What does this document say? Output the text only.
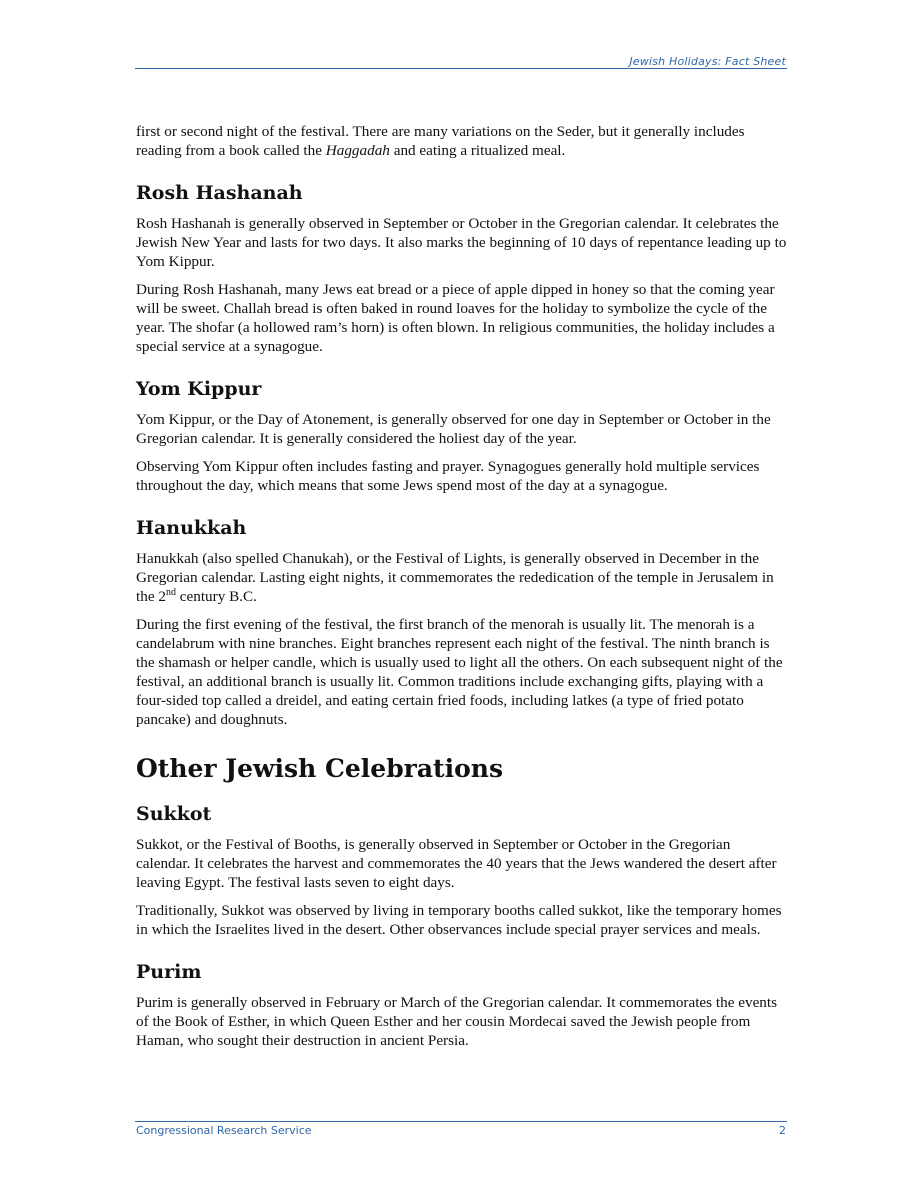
Jewish Holidays: Fact Sheet

first or second night of the festival. There are many variations on the Seder, but it generally includes reading from a book called the Haggadah and eating a ritualized meal.

Rosh Hashanah

Rosh Hashanah is generally observed in September or October in the Gregorian calendar. It celebrates the Jewish New Year and lasts for two days. It also marks the beginning of 10 days of repentance leading up to Yom Kippur.

During Rosh Hashanah, many Jews eat bread or a piece of apple dipped in honey so that the coming year will be sweet. Challah bread is often baked in round loaves for the holiday to symbolize the cycle of the year. The shofar (a hollowed ram’s horn) is often blown. In religious communities, the holiday includes a special service at a synagogue.

Yom Kippur

Yom Kippur, or the Day of Atonement, is generally observed for one day in September or October in the Gregorian calendar. It is generally considered the holiest day of the year.

Observing Yom Kippur often includes fasting and prayer. Synagogues generally hold multiple services throughout the day, which means that some Jews spend most of the day at a synagogue.

Hanukkah

Hanukkah (also spelled Chanukah), or the Festival of Lights, is generally observed in December in the Gregorian calendar. Lasting eight nights, it commemorates the rededication of the temple in Jerusalem in the 2nd century B.C.

During the first evening of the festival, the first branch of the menorah is usually lit. The menorah is a candelabrum with nine branches. Eight branches represent each night of the festival. The ninth branch is the shamash or helper candle, which is usually used to light all the others. On each subsequent night of the festival, an additional branch is usually lit. Common traditions include exchanging gifts, playing with a four-sided top called a dreidel, and eating certain fried foods, including latkes (a type of fried potato pancake) and doughnuts.

Other Jewish Celebrations
Sukkot

Sukkot, or the Festival of Booths, is generally observed in September or October in the Gregorian calendar. It celebrates the harvest and commemorates the 40 years that the Jews wandered the desert after leaving Egypt. The festival lasts seven to eight days.

Traditionally, Sukkot was observed by living in temporary booths called sukkot, like the temporary homes in which the Israelites lived in the desert. Other observances include special prayer services and meals.

Purim

Purim is generally observed in February or March of the Gregorian calendar. It commemorates the events of the Book of Esther, in which Queen Esther and her cousin Mordecai saved the Jewish people from Haman, who sought their destruction in ancient Persia.

Congressional Research Service	2
